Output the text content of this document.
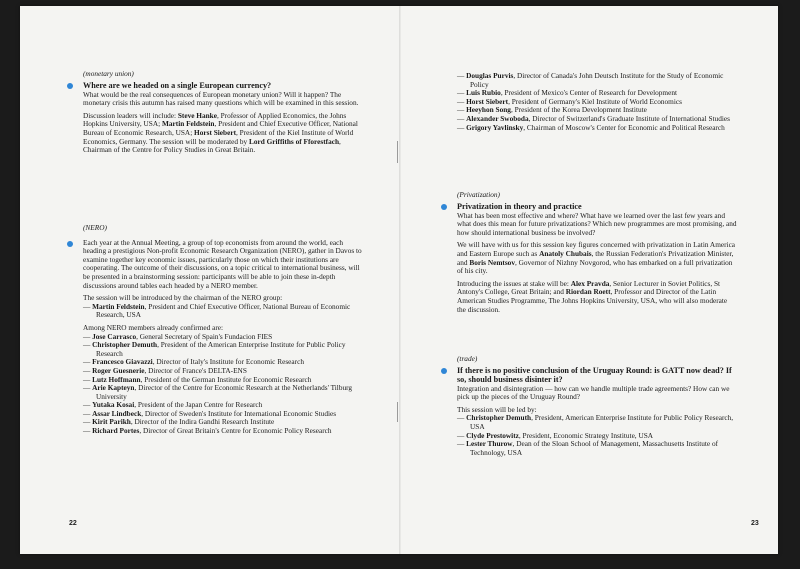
(monetary union)
Where are we headed on a single European currency?

What would be the real consequences of European monetary union? Will it happen? The monetary crisis this autumn has raised many questions which will be examined in this session.

Discussion leaders will include: Steve Hanke, Professor of Applied Economics, the Johns Hopkins University, USA; Martin Feldstein, President and Chief Executive Officer, National Bureau of Economic Research, USA; Horst Siebert, President of the Kiel Institute of World Economics, Germany. The session will be moderated by Lord Griffiths of Fforestfach, Chairman of the Centre for Policy Studies in Great Britain.

(NERO)

Each year at the Annual Meeting, a group of top economists from around the world, each heading a prestigious Non-profit Economic Research Organization (NERO), gather in Davos to examine together key economic issues, particularly those on which their institutions are cooperating. The outcome of their discussions, on a topic critical to international business, will be presented in a brainstorming session: participants will be able to join these in-depth discussions around tables each headed by a NERO member.

The session will be introduced by the chairman of the NERO group:
— Martin Feldstein, President and Chief Executive Officer, National Bureau of Economic Research, USA
Among NERO members already confirmed are:
— Jose Carrasco, General Secretary of Spain's Fundacion FIES
— Christopher Demuth, President of the American Enterprise Institute for Public Policy Research
— Francesco Giavazzi, Director of Italy's Institute for Economic Research
— Roger Guesnerie, Director of France's DELTA-ENS
— Lutz Hoffmann, President of the German Institute for Economic Research
— Arie Kapteyn, Director of the Centre for Economic Research at the Netherlands' Tilburg University
— Yutaka Kosai, President of the Japan Centre for Research
— Assar Lindbeck, Director of Sweden's Institute for International Economic Studies
— Kirit Parikh, Director of the Indira Gandhi Research Institute
— Richard Portes, Director of Great Britain's Centre for Economic Policy Research
22
— Douglas Purvis, Director of Canada's John Deutsch Institute for the Study of Economic Policy
— Luis Rubio, President of Mexico's Center of Research for Development
— Horst Siebert, President of Germany's Kiel Institute of World Economics
— Heeyhon Song, President of the Korea Development Institute
— Alexander Swoboda, Director of Switzerland's Graduate Institute of International Studies
— Grigory Yavlinsky, Chairman of Moscow's Center for Economic and Political Research
(Privatization)
Privatization in theory and practice

What has been most effective and where? What have we learned over the last few years and what does this mean for future privatizations? Which new programmes are most promising, and how should international business be involved?

We will have with us for this session key figures concerned with privatization in Latin America and Eastern Europe such as Anatoly Chubais, the Russian Federation's Privatization Minister, and Boris Nemtsov, Governor of Nizhny Novgorod, who has embarked on a full privatization of his city.

Introducing the issues at stake will be: Alex Pravda, Senior Lecturer in Soviet Politics, St Antony's College, Great Britain; and Riordan Roett, Professor and Director of the Latin American Studies Programme, The Johns Hopkins University, USA, who will also moderate the discussion.

(trade)
If there is no positive conclusion of the Uruguay Round: is GATT now dead? If so, should business disinter it?

Integration and disintegration — how can we handle multiple trade agreements? How can we pick up the pieces of the Uruguay Round?

This session will be led by:
— Christopher Demuth, President, American Enterprise Institute for Public Policy Research, USA
— Clyde Prestowitz, President, Economic Strategy Institute, USA
— Lester Thurow, Dean of the Sloan School of Management, Massachusetts Institute of Technology, USA
23
